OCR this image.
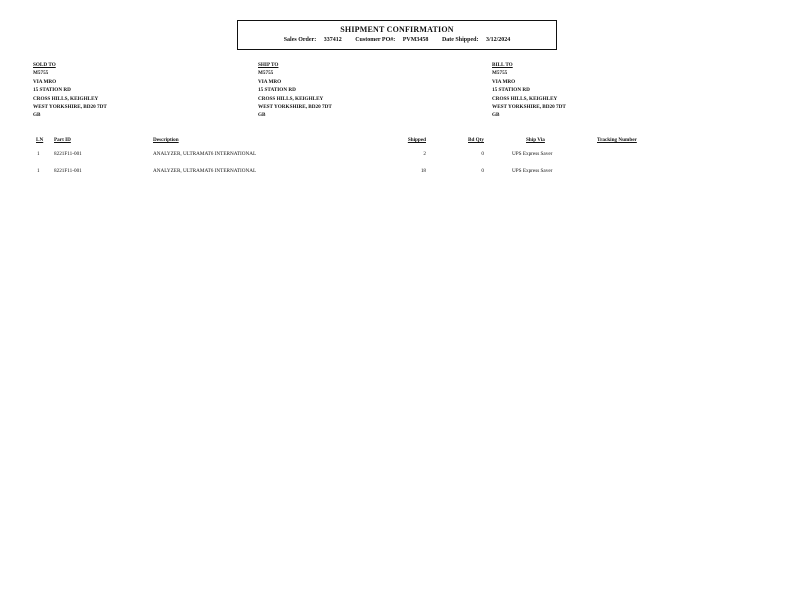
SHIPMENT CONFIRMATION
Sales Order: 337412 Customer PO#: PVM3458 Date Shipped: 3/12/2024
SOLD TO
M5755
VIA MRO
15 STATION RD
CROSS HILLS, KEIGHLEY
WEST YORKSHIRE, BD20 7DT
GB
SHIP TO
M5755
VIA MRO
15 STATION RD
CROSS HILLS, KEIGHLEY
WEST YORKSHIRE, BD20 7DT
GB
BILL TO
M5755
VIA MRO
15 STATION RD
CROSS HILLS, KEIGHLEY
WEST YORKSHIRE, BD20 7DT
GB
LN Part ID	Description	Shipped	Bd Qty	Ship Via	Tracking Number
1	8221F11-001	ANALYZER, ULTRAMAT6 INTERNATIONAL	2	0	UPS Express Saver
1	8221F11-001	ANALYZER, ULTRAMAT6 INTERNATIONAL	18	0	UPS Express Saver
